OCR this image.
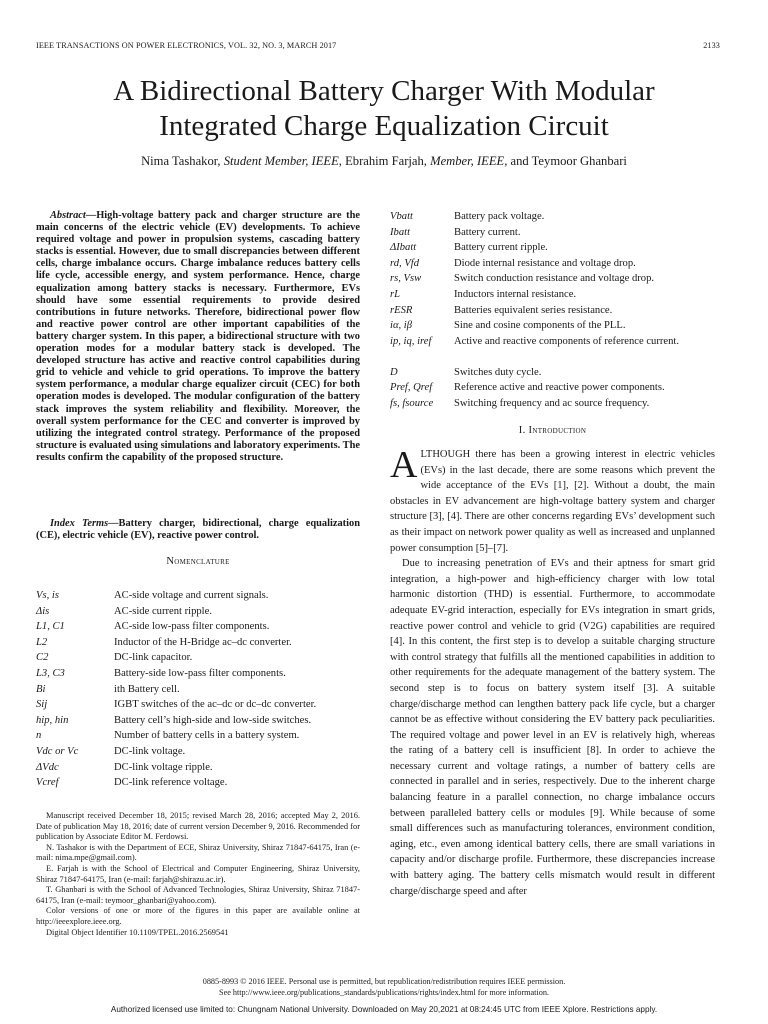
IEEE TRANSACTIONS ON POWER ELECTRONICS, VOL. 32, NO. 3, MARCH 2017	2133
A Bidirectional Battery Charger With Modular
Integrated Charge Equalization Circuit
Nima Tashakor, Student Member, IEEE, Ebrahim Farjah, Member, IEEE, and Teymoor Ghanbari
Abstract—High-voltage battery pack and charger structure are the main concerns of the electric vehicle (EV) developments. To achieve required voltage and power in propulsion systems, cascading battery stacks is essential. However, due to small discrepancies between different cells, charge imbalance occurs. Charge imbalance reduces battery cells life cycle, accessible energy, and system performance. Hence, charge equalization among battery stacks is necessary. Furthermore, EVs should have some essential requirements to provide desired contributions in future networks. Therefore, bidirectional power flow and reactive power control are other important capabilities of the battery charger system. In this paper, a bidirectional structure with two operation modes for a modular battery stack is developed. The developed structure has active and reactive control capabilities during grid to vehicle and vehicle to grid operations. To improve the battery system performance, a modular charge equalizer circuit (CEC) for both operation modes is developed. The modular configuration of the battery stack improves the system reliability and flexibility. Moreover, the overall system performance for the CEC and converter is improved by utilizing the integrated control strategy. Performance of the proposed structure is evaluated using simulations and laboratory experiments. The results confirm the capability of the proposed structure.
Index Terms—Battery charger, bidirectional, charge equalization (CE), electric vehicle (EV), reactive power control.
Nomenclature
Vs, is	AC-side voltage and current signals.
Δis	AC-side current ripple.
L1, C1	AC-side low-pass filter components.
L2	Inductor of the H-Bridge ac–dc converter.
C2	DC-link capacitor.
L3, C3	Battery-side low-pass filter components.
Bi	ith Battery cell.
Sij	IGBT switches of the ac–dc or dc–dc converter.
hip, hin	Battery cell’s high-side and low-side switches.
n	Number of battery cells in a battery system.
Vdc or Vc	DC-link voltage.
ΔVdc	DC-link voltage ripple.
Vcref	DC-link reference voltage.

Manuscript received December 18, 2015; revised March 28, 2016; accepted May 2, 2016. Date of publication May 18, 2016; date of current version December 9, 2016. Recommended for publication by Associate Editor M. Ferdowsi.

N. Tashakor is with the Department of ECE, Shiraz University, Shiraz 71847-64175, Iran (e-mail: nima.mpe@gmail.com).

E. Farjah is with the School of Electrical and Computer Engineering, Shiraz University, Shiraz 71847-64175, Iran (e-mail: farjah@shirazu.ac.ir).

T. Ghanbari is with the School of Advanced Technologies, Shiraz University, Shiraz 71847-64175, Iran (e-mail: teymoor_ghanbari@yahoo.com).

Color versions of one or more of the figures in this paper are available online at http://ieeexplore.ieee.org.

Digital Object Identifier 10.1109/TPEL.2016.2569541

Vbatt	Battery pack voltage.
Ibatt	Battery current.
ΔIbatt	Battery current ripple.
rd, Vfd	Diode internal resistance and voltage drop.
rs, Vsw	Switch conduction resistance and voltage drop.
rL	Inductors internal resistance.
rESR	Batteries equivalent series resistance.
iα, iβ	Sine and cosine components of the PLL.
ip, iq, iref	Active and reactive components of reference current.
D	Switches duty cycle.
Pref, Qref	Reference active and reactive power components.
fs, fsource	Switching frequency and ac source frequency.
I. Introduction

ALTHOUGH there has been a growing interest in electric vehicles (EVs) in the last decade, there are some reasons which prevent the wide acceptance of the EVs [1], [2]. Without a doubt, the main obstacles in EV advancement are high-voltage battery system and charger structure [3], [4]. There are other concerns regarding EVs’ development such as their impact on network power quality as well as increased and unplanned power consumption [5]–[7].

Due to increasing penetration of EVs and their aptness for smart grid integration, a high-power and high-efficiency charger with low total harmonic distortion (THD) is essential. Furthermore, to accommodate adequate EV-grid interaction, especially for EVs integration in smart grids, reactive power control and vehicle to grid (V2G) capabilities are required [4]. In this content, the first step is to develop a suitable charging structure with control strategy that fulfills all the mentioned capabilities in addition to other requirements for the adequate management of the battery system. The second step is to focus on battery system itself [3]. A suitable charge/discharge method can lengthen battery pack life cycle, but a charger cannot be as effective without considering the EV battery pack peculiarities. The required voltage and power level in an EV is relatively high, whereas the rating of a battery cell is insufficient [8]. In order to achieve the necessary current and voltage ratings, a number of battery cells are connected in parallel and in series, respectively. Due to the inherent charge balancing feature in a parallel connection, no charge imbalance occurs between paralleled battery cells or modules [9]. While because of some small differences such as manufacturing tolerances, environment condition, aging, etc., even among identical battery cells, there are small variations in capacity and/or discharge profile. Furthermore, these discrepancies increase with battery aging. The battery cells mismatch would result in different charge/discharge speed and after

0885-8993 © 2016 IEEE. Personal use is permitted, but republication/redistribution requires IEEE permission.
See http://www.ieee.org/publications_standards/publications/rights/index.html for more information.
Authorized licensed use limited to: Chungnam National University. Downloaded on May 20,2021 at 08:24:45 UTC from IEEE Xplore. Restrictions apply.
